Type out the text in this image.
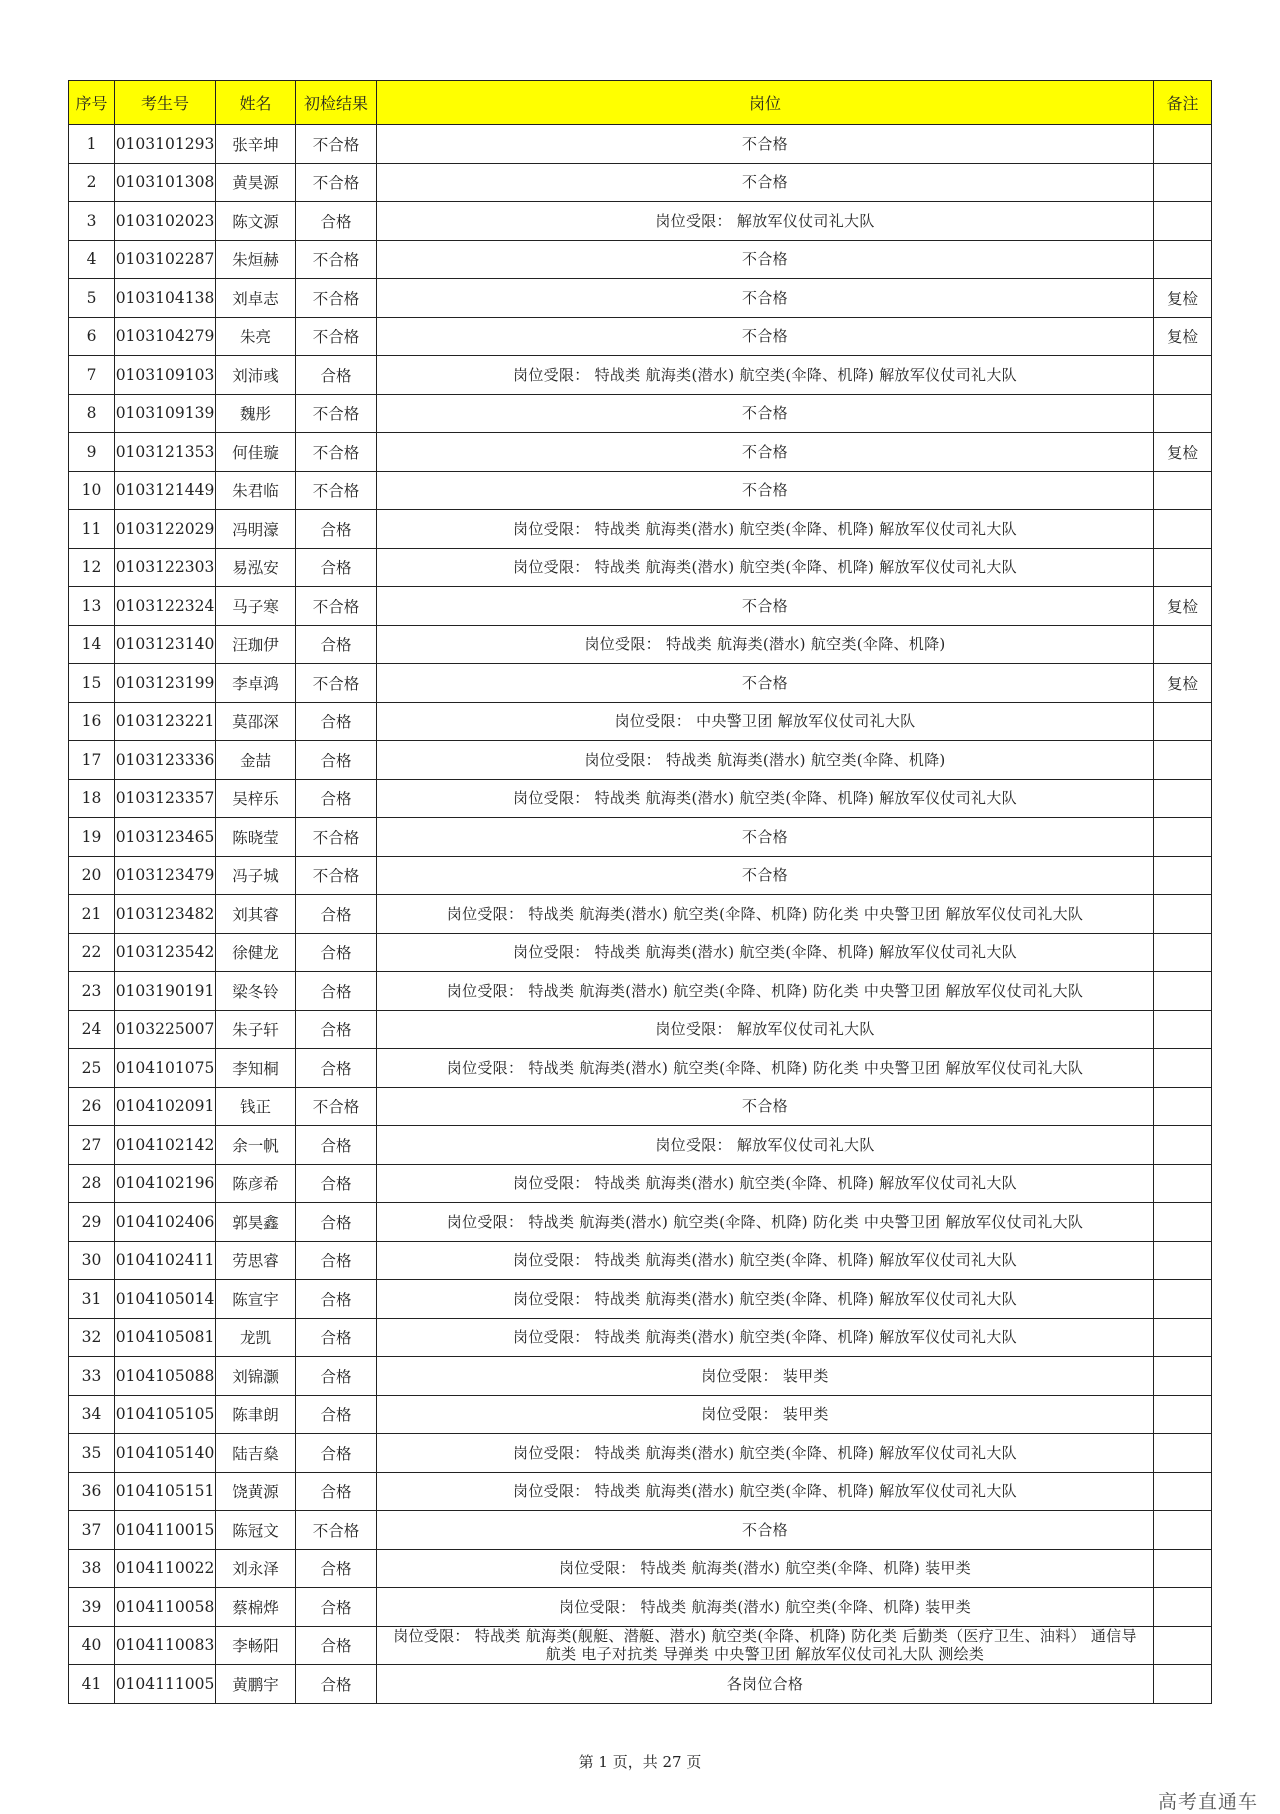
序号	考生号	姓名	初检结果	岗位	备注
1	0103101293	张辛坤	不合格	不合格	
2	0103101308	黄昊源	不合格	不合格	
3	0103102023	陈文源	合格	岗位受限： 解放军仪仗司礼大队	
4	0103102287	朱烜赫	不合格	不合格	
5	0103104138	刘卓志	不合格	不合格	复检
6	0103104279	朱亮	不合格	不合格	复检
7	0103109103	刘沛彧	合格	岗位受限： 特战类 航海类(潜水) 航空类(伞降、机降) 解放军仪仗司礼大队	
8	0103109139	魏彤	不合格	不合格	
9	0103121353	何佳璇	不合格	不合格	复检
10	0103121449	朱君临	不合格	不合格	
11	0103122029	冯明濠	合格	岗位受限： 特战类 航海类(潜水) 航空类(伞降、机降) 解放军仪仗司礼大队	
12	0103122303	易泓安	合格	岗位受限： 特战类 航海类(潜水) 航空类(伞降、机降) 解放军仪仗司礼大队	
13	0103122324	马子寒	不合格	不合格	复检
14	0103123140	汪珈伊	合格	岗位受限： 特战类 航海类(潜水) 航空类(伞降、机降)	
15	0103123199	李卓鸿	不合格	不合格	复检
16	0103123221	莫邵深	合格	岗位受限： 中央警卫团 解放军仪仗司礼大队	
17	0103123336	金喆	合格	岗位受限： 特战类 航海类(潜水) 航空类(伞降、机降)	
18	0103123357	吴梓乐	合格	岗位受限： 特战类 航海类(潜水) 航空类(伞降、机降) 解放军仪仗司礼大队	
19	0103123465	陈晓莹	不合格	不合格	
20	0103123479	冯子城	不合格	不合格	
21	0103123482	刘其睿	合格	岗位受限： 特战类 航海类(潜水) 航空类(伞降、机降) 防化类 中央警卫团 解放军仪仗司礼大队	
22	0103123542	徐健龙	合格	岗位受限： 特战类 航海类(潜水) 航空类(伞降、机降) 解放军仪仗司礼大队	
23	0103190191	梁冬铃	合格	岗位受限： 特战类 航海类(潜水) 航空类(伞降、机降) 防化类 中央警卫团 解放军仪仗司礼大队	
24	0103225007	朱子轩	合格	岗位受限： 解放军仪仗司礼大队	
25	0104101075	李知桐	合格	岗位受限： 特战类 航海类(潜水) 航空类(伞降、机降) 防化类 中央警卫团 解放军仪仗司礼大队	
26	0104102091	钱正	不合格	不合格	
27	0104102142	余一帆	合格	岗位受限： 解放军仪仗司礼大队	
28	0104102196	陈彦希	合格	岗位受限： 特战类 航海类(潜水) 航空类(伞降、机降) 解放军仪仗司礼大队	
29	0104102406	郭昊鑫	合格	岗位受限： 特战类 航海类(潜水) 航空类(伞降、机降) 防化类 中央警卫团 解放军仪仗司礼大队	
30	0104102411	劳思睿	合格	岗位受限： 特战类 航海类(潜水) 航空类(伞降、机降) 解放军仪仗司礼大队	
31	0104105014	陈宣宇	合格	岗位受限： 特战类 航海类(潜水) 航空类(伞降、机降) 解放军仪仗司礼大队	
32	0104105081	龙凯	合格	岗位受限： 特战类 航海类(潜水) 航空类(伞降、机降) 解放军仪仗司礼大队	
33	0104105088	刘锦灏	合格	岗位受限： 装甲类	
34	0104105105	陈聿朗	合格	岗位受限： 装甲类	
35	0104105140	陆吉燊	合格	岗位受限： 特战类 航海类(潜水) 航空类(伞降、机降) 解放军仪仗司礼大队	
36	0104105151	饶黄源	合格	岗位受限： 特战类 航海类(潜水) 航空类(伞降、机降) 解放军仪仗司礼大队	
37	0104110015	陈冠文	不合格	不合格	
38	0104110022	刘永泽	合格	岗位受限： 特战类 航海类(潜水) 航空类(伞降、机降) 装甲类	
39	0104110058	蔡棉烨	合格	岗位受限： 特战类 航海类(潜水) 航空类(伞降、机降) 装甲类	
40	0104110083	李畅阳	合格	岗位受限： 特战类 航海类(舰艇、潜艇、潜水) 航空类(伞降、机降) 防化类 后勤类（医疗卫生、油料） 通信导航类 电子对抗类 导弹类 中央警卫团 解放军仪仗司礼大队 测绘类	
41	0104111005	黄鹏宇	合格	各岗位合格	
第 1 页，共 27 页
高考直通车
